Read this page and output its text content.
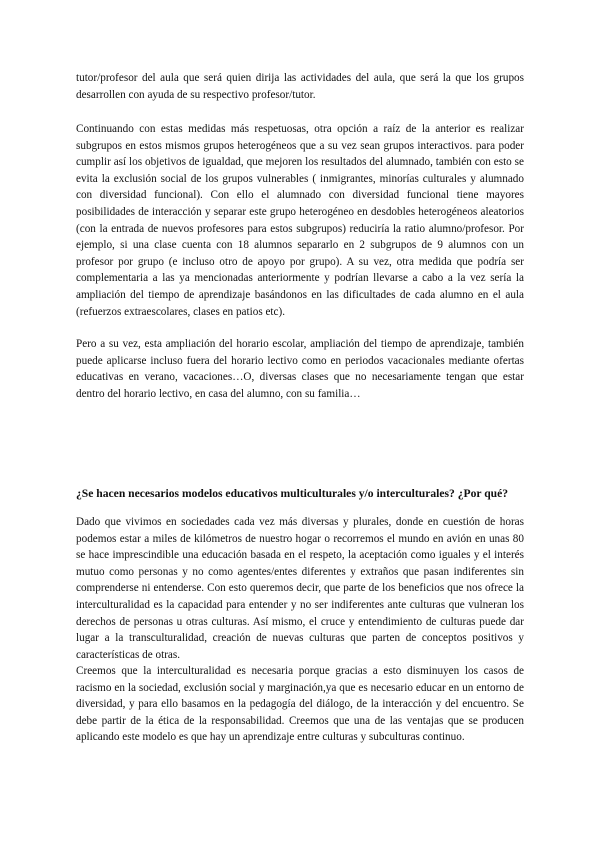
tutor/profesor del aula que será quien dirija las actividades del aula, que será la que los grupos desarrollen con ayuda de su respectivo profesor/tutor.

Continuando con estas medidas más respetuosas, otra opción a raíz de la anterior es realizar subgrupos en estos mismos grupos heterogéneos que a su vez sean grupos interactivos. para poder cumplir así los objetivos de igualdad, que mejoren los resultados del alumnado, también con esto se evita la exclusión social de los grupos vulnerables ( inmigrantes, minorías culturales y alumnado con diversidad funcional). Con ello el alumnado con diversidad funcional tiene mayores posibilidades de interacción y separar este grupo heterogéneo en desdobles heterogéneos aleatorios (con la entrada de nuevos profesores para estos subgrupos) reduciría la ratio alumno/profesor. Por ejemplo, si una clase cuenta con 18 alumnos separarlo en 2 subgrupos de 9 alumnos con un profesor por grupo (e incluso otro de apoyo por grupo). A su vez, otra medida que podría ser complementaria a las ya mencionadas anteriormente y podrían llevarse a cabo a la vez sería la ampliación del tiempo de aprendizaje basándonos en las dificultades de cada alumno en el aula (refuerzos extraescolares, clases en patios etc).

Pero a su vez, esta ampliación del horario escolar, ampliación del tiempo de aprendizaje, también puede aplicarse incluso fuera del horario lectivo como en periodos vacacionales mediante ofertas educativas en verano, vacaciones…O, diversas clases que no necesariamente tengan que estar dentro del horario lectivo, en casa del alumno, con su familia…

¿Se hacen necesarios modelos educativos multiculturales y/o interculturales? ¿Por qué?

Dado que vivimos en sociedades cada vez más diversas y plurales, donde en cuestión de horas podemos estar a miles de kilómetros de nuestro hogar o recorremos el mundo en avión en unas 80 se hace imprescindible una educación basada en el respeto, la aceptación como iguales y el interés mutuo como personas y no como agentes/entes diferentes y extraños que pasan indiferentes sin comprenderse ni entenderse. Con esto queremos decir, que parte de los beneficios que nos ofrece la interculturalidad es la capacidad para entender y no ser indiferentes ante culturas que vulneran los derechos de personas u otras culturas. Así mismo, el cruce y entendimiento de culturas puede dar lugar a la transculturalidad, creación de nuevas culturas que parten de conceptos positivos y características de otras.

Creemos que la interculturalidad es necesaria porque gracias a esto disminuyen los casos de racismo en la sociedad, exclusión social y marginación,ya que es necesario educar en un entorno de diversidad, y para ello basamos en la pedagogía del diálogo, de la interacción y del encuentro. Se debe partir de la ética de la responsabilidad. Creemos que una de las ventajas que se producen aplicando este modelo es que hay un aprendizaje entre culturas y subculturas continuo.
